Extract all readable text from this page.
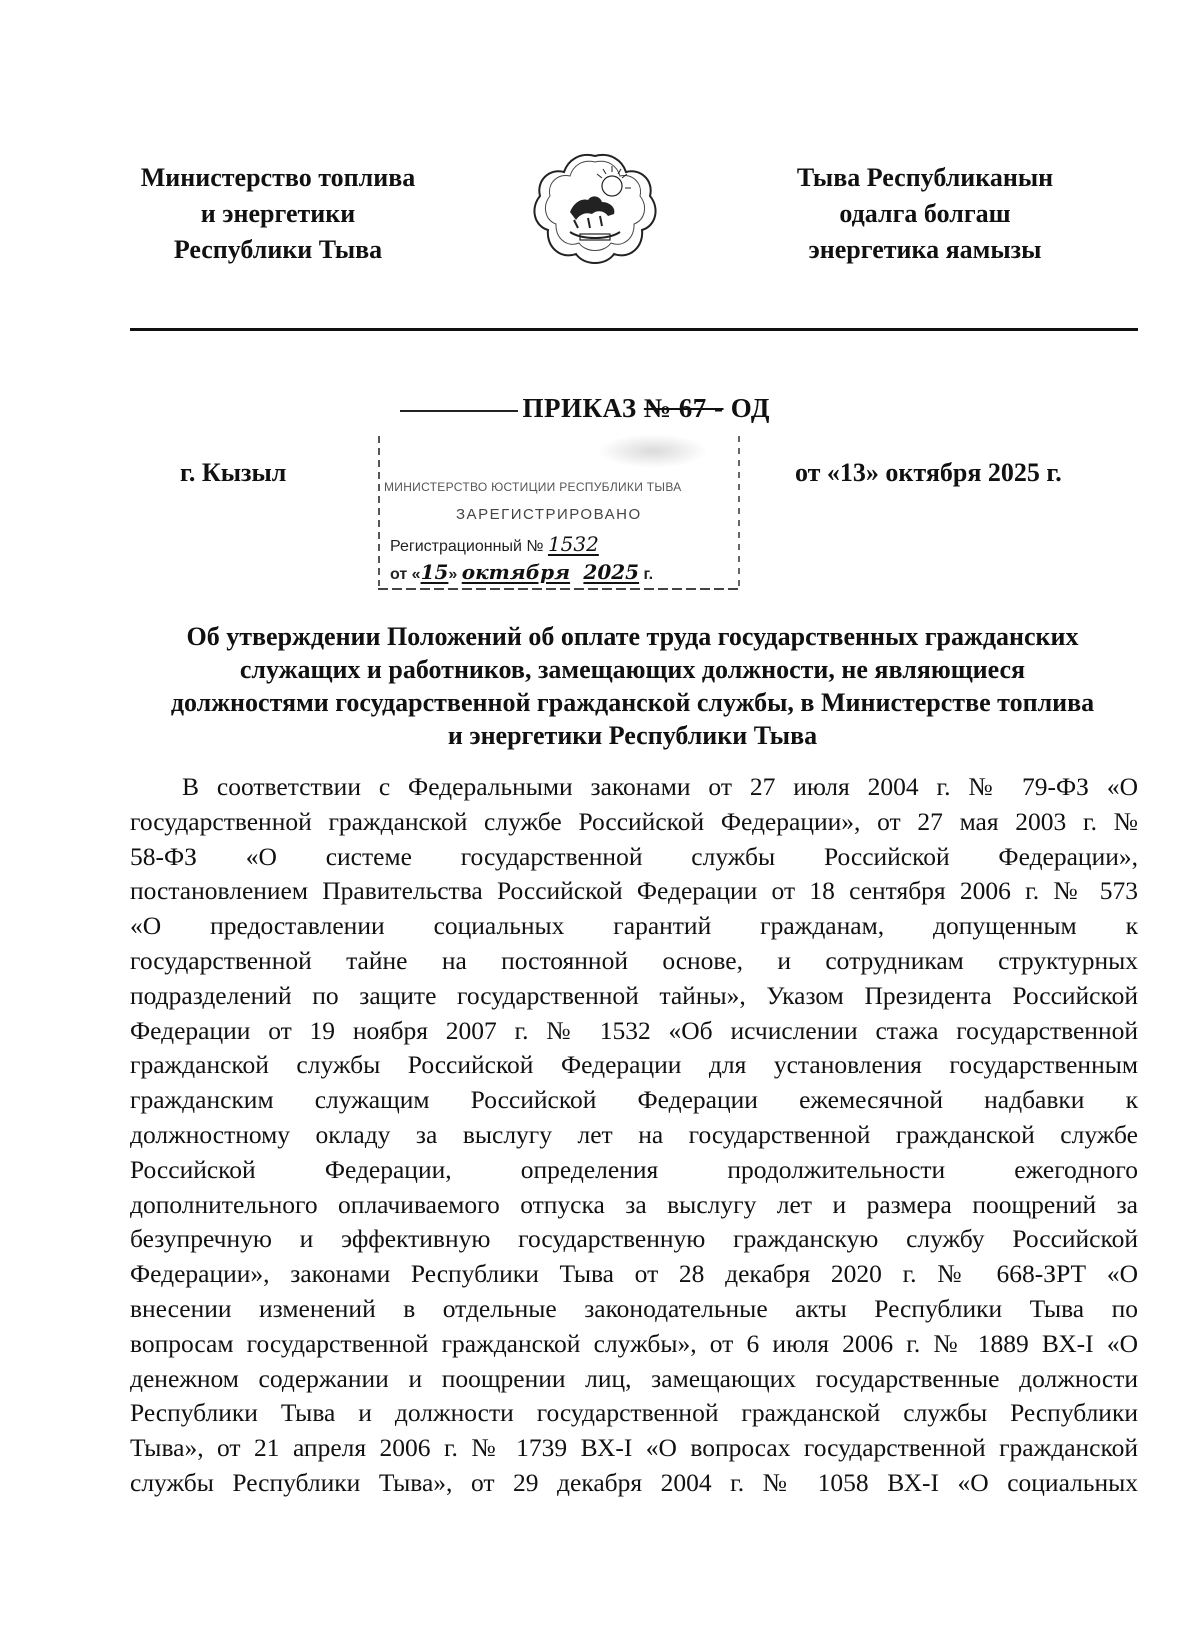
Министерство топлива
и энергетики
Республики Тыва
Тыва Республиканын
одалга болгаш
энергетика яамызы
ПРИКАЗ № 67 - ОД
г. Кызыл	от «13» октября 2025 г.
МИНИСТЕРСТВО ЮСТИЦИИ РЕСПУБЛИКИ ТЫВА
ЗАРЕГИСТРИРОВАНО
Регистрационный № 1532
от «15» октября 2025 г.
Об утверждении Положений об оплате труда государственных гражданских
служащих и работников, замещающих должности, не являющиеся
должностями государственной гражданской службы, в Министерстве топлива
и энергетики Республики Тыва
В соответствии с Федеральными законами от 27 июля 2004 г. № 79-ФЗ «О
государственной гражданской службе Российской Федерации», от 27 мая 2003 г. №
58-ФЗ «О системе государственной службы Российской Федерации»,
постановлением Правительства Российской Федерации от 18 сентября 2006 г. № 573
«О предоставлении социальных гарантий гражданам, допущенным к
государственной тайне на постоянной основе, и сотрудникам структурных
подразделений по защите государственной тайны», Указом Президента Российской
Федерации от 19 ноября 2007 г. № 1532 «Об исчислении стажа государственной
гражданской службы Российской Федерации для установления государственным
гражданским служащим Российской Федерации ежемесячной надбавки к
должностному окладу за выслугу лет на государственной гражданской службе
Российской Федерации, определения продолжительности ежегодного
дополнительного оплачиваемого отпуска за выслугу лет и размера поощрений за
безупречную и эффективную государственную гражданскую службу Российской
Федерации», законами Республики Тыва от 28 декабря 2020 г. № 668-ЗРТ «О
внесении изменений в отдельные законодательные акты Республики Тыва по
вопросам государственной гражданской службы», от 6 июля 2006 г. № 1889 ВХ-I «О
денежном содержании и поощрении лиц, замещающих государственные должности
Республики Тыва и должности государственной гражданской службы Республики
Тыва», от 21 апреля 2006 г. № 1739 ВХ-I «О вопросах государственной гражданской
службы Республики Тыва», от 29 декабря 2004 г. № 1058 ВХ-I «О социальных
